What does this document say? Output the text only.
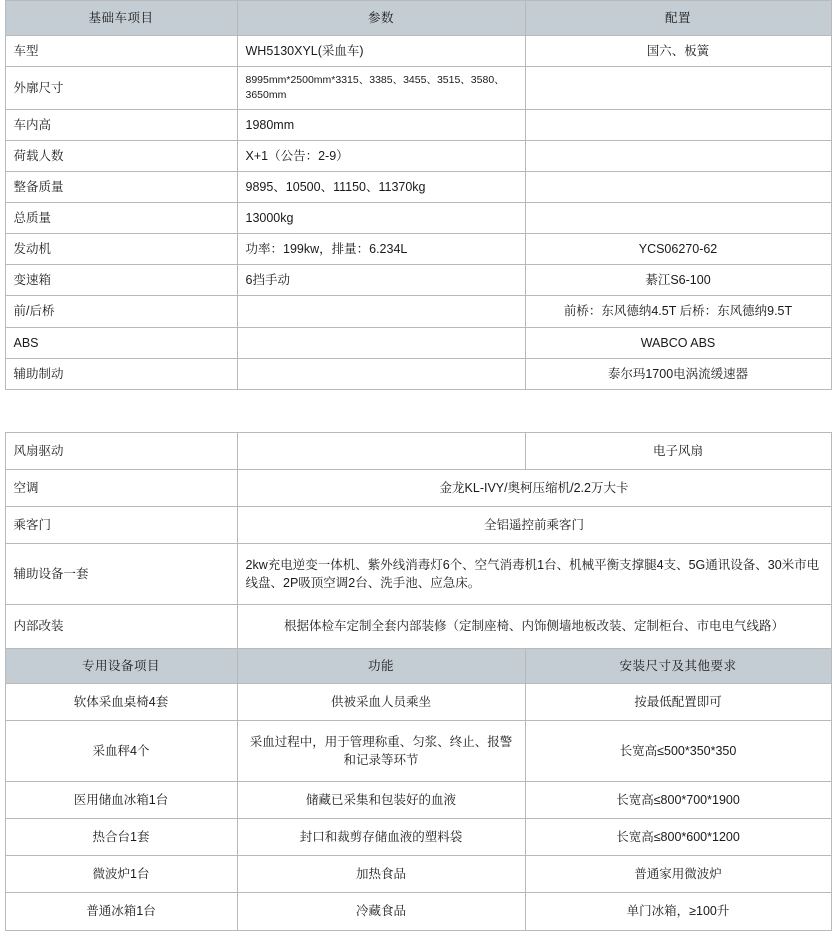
基础车项目	参数	配置

车型	WH5130XYL(采血车)	国六、板簧

外廓尺寸	8995mm*2500mm*3315、3385、3455、3515、3580、3650mm	

车内高	1980mm	

荷载人数	X+1（公告：2-9）	

整备质量	9895、10500、11150、11370kg	

总质量	13000kg	

发动机	功率：199kw，排量：6.234L	YCS06270-62

变速箱	6挡手动	綦江S6-100

前/后桥		前桥：东风德纳4.5T 后桥：东风德纳9.5T

ABS		WABCO ABS

辅助制动		泰尔玛1700电涡流缓速器
风扇驱动		电子风扇

空调	金龙KL-IVY/奥柯压缩机/2.2万大卡	

乘客门	全铝遥控前乘客门	

辅助设备一套	2kw充电逆变一体机、紫外线消毒灯6个、空气消毒机1台、机械平衡支撑腿4支、5G通讯设备、30米市电线盘、2P吸顶空调2台、洗手池、应急床。	

内部改装	根据体检车定制全套内部装修（定制座椅、内饰侧墙地板改装、定制柜台、市电电气线路）	

专用设备项目	功能	安装尺寸及其他要求

软体采血桌椅4套	供被采血人员乘坐	按最低配置即可

采血秤4个	采血过程中，用于管理称重、匀浆、终止、报警和记录等环节	长宽高≤500*350*350

医用储血冰箱1台	储藏已采集和包装好的血液	长宽高≤800*700*1900

热合台1套	封口和裁剪存储血液的塑料袋	长宽高≤800*600*1200

微波炉1台	加热食品	普通家用微波炉

普通冰箱1台	冷藏食品	单门冰箱，≥100升
